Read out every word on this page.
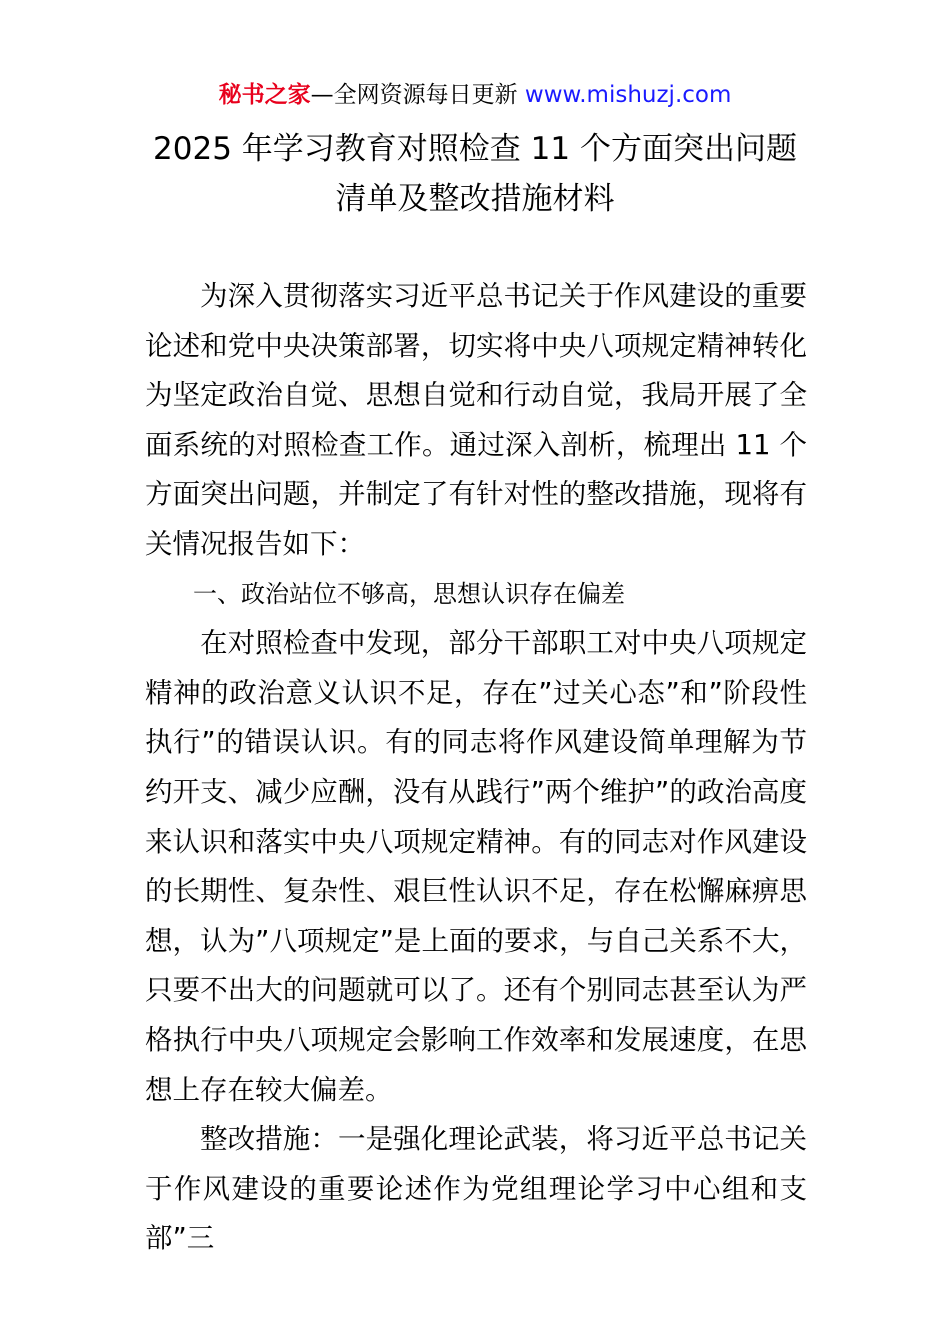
秘书之家—全网资源每日更新 www.mishuzj.com
2025 年学习教育对照检查 11 个方面突出问题
清单及整改措施材料

为深入贯彻落实习近平总书记关于作风建设的重要论述和党中央决策部署，切实将中央八项规定精神转化为坚定政治自觉、思想自觉和行动自觉，我局开展了全面系统的对照检查工作。通过深入剖析，梳理出 11 个方面突出问题，并制定了有针对性的整改措施，现将有关情况报告如下：

一、政治站位不够高，思想认识存在偏差

在对照检查中发现，部分干部职工对中央八项规定精神的政治意义认识不足，存在”过关心态”和”阶段性执行”的错误认识。有的同志将作风建设简单理解为节约开支、减少应酬，没有从践行”两个维护”的政治高度来认识和落实中央八项规定精神。有的同志对作风建设的长期性、复杂性、艰巨性认识不足，存在松懈麻痹思想，认为”八项规定”是上面的要求，与自己关系不大，只要不出大的问题就可以了。还有个别同志甚至认为严格执行中央八项规定会影响工作效率和发展速度，在思想上存在较大偏差。

整改措施：一是强化理论武装，将习近平总书记关于作风建设的重要论述作为党组理论学习中心组和支部”三
